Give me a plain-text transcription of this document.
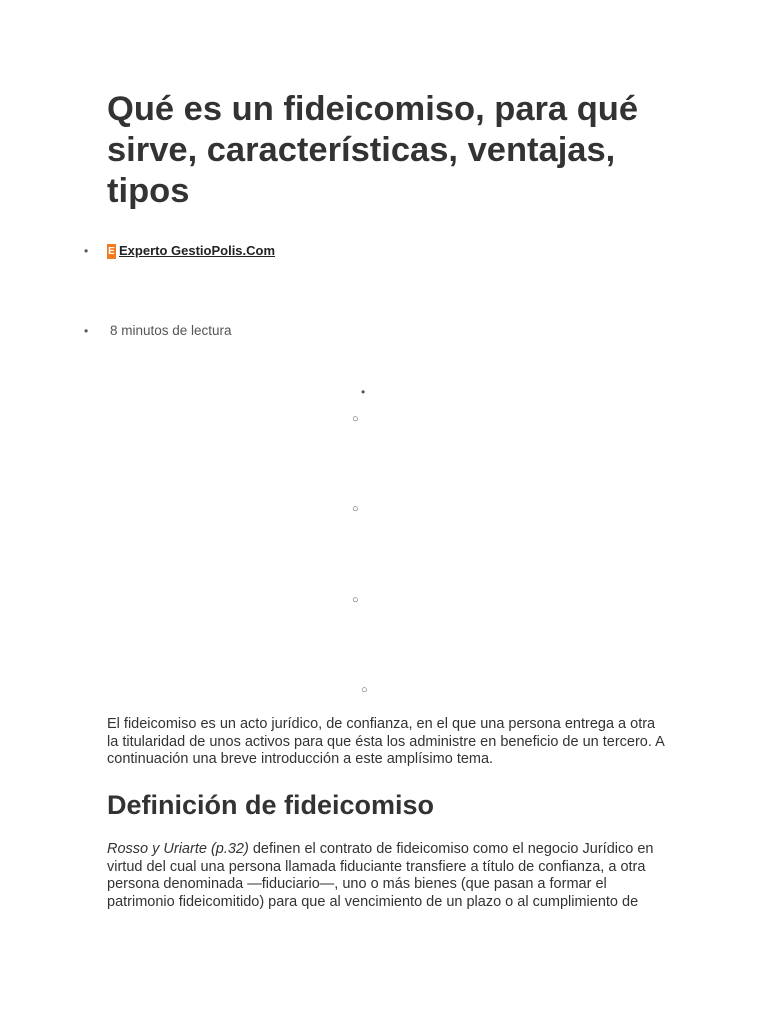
Qué es un fideicomiso, para qué sirve, características, ventajas, tipos
• E Experto GestioPolis.Com
• 8 minutos de lectura
•
○
○
○
○

El fideicomiso es un acto jurídico, de confianza, en el que una persona entrega a otra la titularidad de unos activos para que ésta los administre en beneficio de un tercero. A continuación una breve introducción a este amplísimo tema.

Definición de fideicomiso

Rosso y Uriarte (p.32) definen el contrato de fideicomiso como el negocio Jurídico en virtud del cual una persona llamada fiduciante transfiere a título de confianza, a otra persona denominada —fiduciario—, uno o más bienes (que pasan a formar el patrimonio fideicomitido) para que al vencimiento de un plazo o al cumplimiento de
